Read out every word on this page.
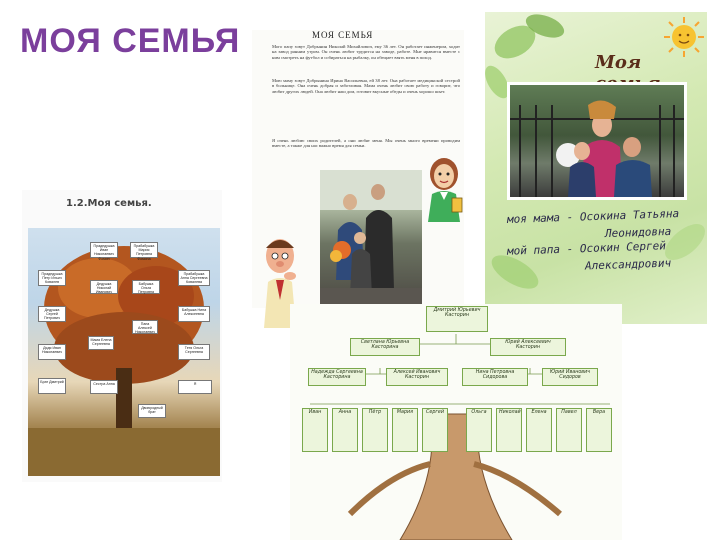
МОЯ СЕМЬЯ	МОЯ СЕМЬЯ
Мого папу зовут Добрынин Николай Михайлович, ему 36 лет. Он работает инженером, ходит на завод ранним утром. Он очень любит трудится на заводе, работе. Мне нравится вместе с ним смотреть на футбол и собираться на рыбалку, он обещает взять меня в поход.
Мою маму зовут Добрынина Ирина Васильевна, ей 38 лет. Она работает медицинской сестрой в больнице. Она очень добрая и заботливая. Мама очень любит свою работу и говорит, что любит других людей. Она любит наш дом, готовит вкусные обеды и очень хорошо шьет.
Я очень люблю своих родителей, а они любят меня. Мы очень много времени проводим вместе, а также для нас важно время для семьи.
Моя
моя мама - Осокина Татьяна
Леонидовна
мой папа - Осокин Сергей
Александрович
1.2.Моя семья.
Прадедушка Иван Николаевич Фомин
Прабабушка Мария Петровна Фомина
Прадедушка Петр Ильич Ковалев
Прабабушка Анна Сергеевна Ковалева
Дедушка Николай Иванович
Бабушка Ольга Петровна
Дедушка Сергей Петрович
Бабушка Нина Алексеевна
Папа Алексей Николаевич
Мама Елена Сергеевна
Дядя Иван Николаевич
Тетя Ольга Сергеевна
Брат Дмитрий	Сестра Анна	Я
Двоюродный брат
Дмитрий Юрьевич Касторин
Светлана Юрьевна Касторина
Юрий Алексеевич Касторин
Надежда Сергеевна Касторина
Алексей Иванович Касторин
Нина Петровна Сидорова
Юрий Иванович Сидоров
Иван	Анна	Пётр	Мария	Сергей	Ольга	Николай	Елена	Павел	Вера
